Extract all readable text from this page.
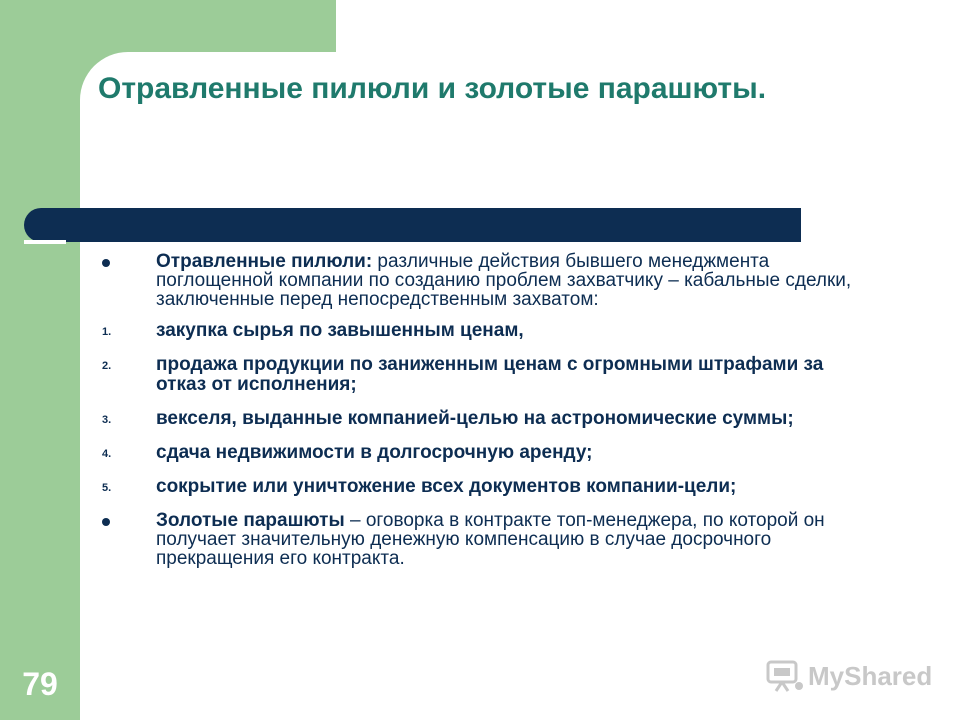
Отравленные пилюли и золотые парашюты.
Отравленные пилюли: различные действия бывшего менеджмента поглощенной компании по созданию проблем захватчику – кабальные сделки, заключенные перед непосредственным захватом:
1. закупка сырья по завышенным ценам,
2. продажа продукции по заниженным ценам с огромными штрафами за отказ от исполнения;
3. векселя, выданные компанией-целью на астрономические суммы;
4. сдача недвижимости в долгосрочную аренду;
5. сокрытие или уничтожение всех документов компании-цели;
Золотые парашюты – оговорка в контракте топ-менеджера, по которой он получает значительную денежную компенсацию в случае досрочного прекращения его контракта.
79	MyShared
